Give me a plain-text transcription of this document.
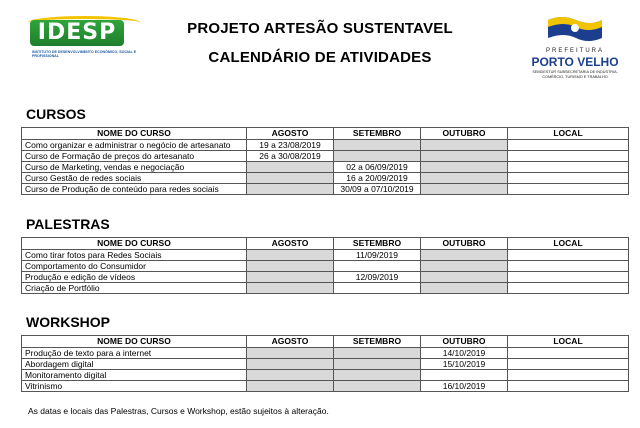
IDESP
INSTITUTO DE DESENVOLVIMENTO ECONÔMICO, SOCIAL E PROFISSIONAL
PROJETO ARTESÃO SUSTENTAVEL
CALENDÁRIO DE ATIVIDADES	PREFEITURA
PORTO VELHO
SEMDESTUR SUBSECRETARIA DE INDÚSTRIA, COMÉRCIO, TURISMO E TRABALHO
CURSOS
NOME DO CURSO	AGOSTO	SETEMBRO	OUTUBRO	LOCAL
Como organizar e administrar o negócio de artesanato	19 a 23/08/2019			
Curso de Formação de preços do artesanato	26 a 30/08/2019			
Curso de Marketing, vendas e negociação		02 a 06/09/2019		
Curso Gestão de redes sociais		16 a 20/09/2019		
Curso de Produção de conteúdo para redes sociais		30/09 a 07/10/2019		
PALESTRAS
NOME DO CURSO	AGOSTO	SETEMBRO	OUTUBRO	LOCAL
Como tirar fotos para Redes Sociais		11/09/2019		
Comportamento do Consumidor				
Produção e edição de vídeos		12/09/2019		
Criação de Portfólio				
WORKSHOP
NOME DO CURSO	AGOSTO	SETEMBRO	OUTUBRO	LOCAL
Produção de texto para a internet			14/10/2019	
Abordagem digital			15/10/2019	
Monitoramento digital				
Vitrinismo			16/10/2019	
As datas e locais das Palestras, Cursos e Workshop, estão sujeitos à alteração.
